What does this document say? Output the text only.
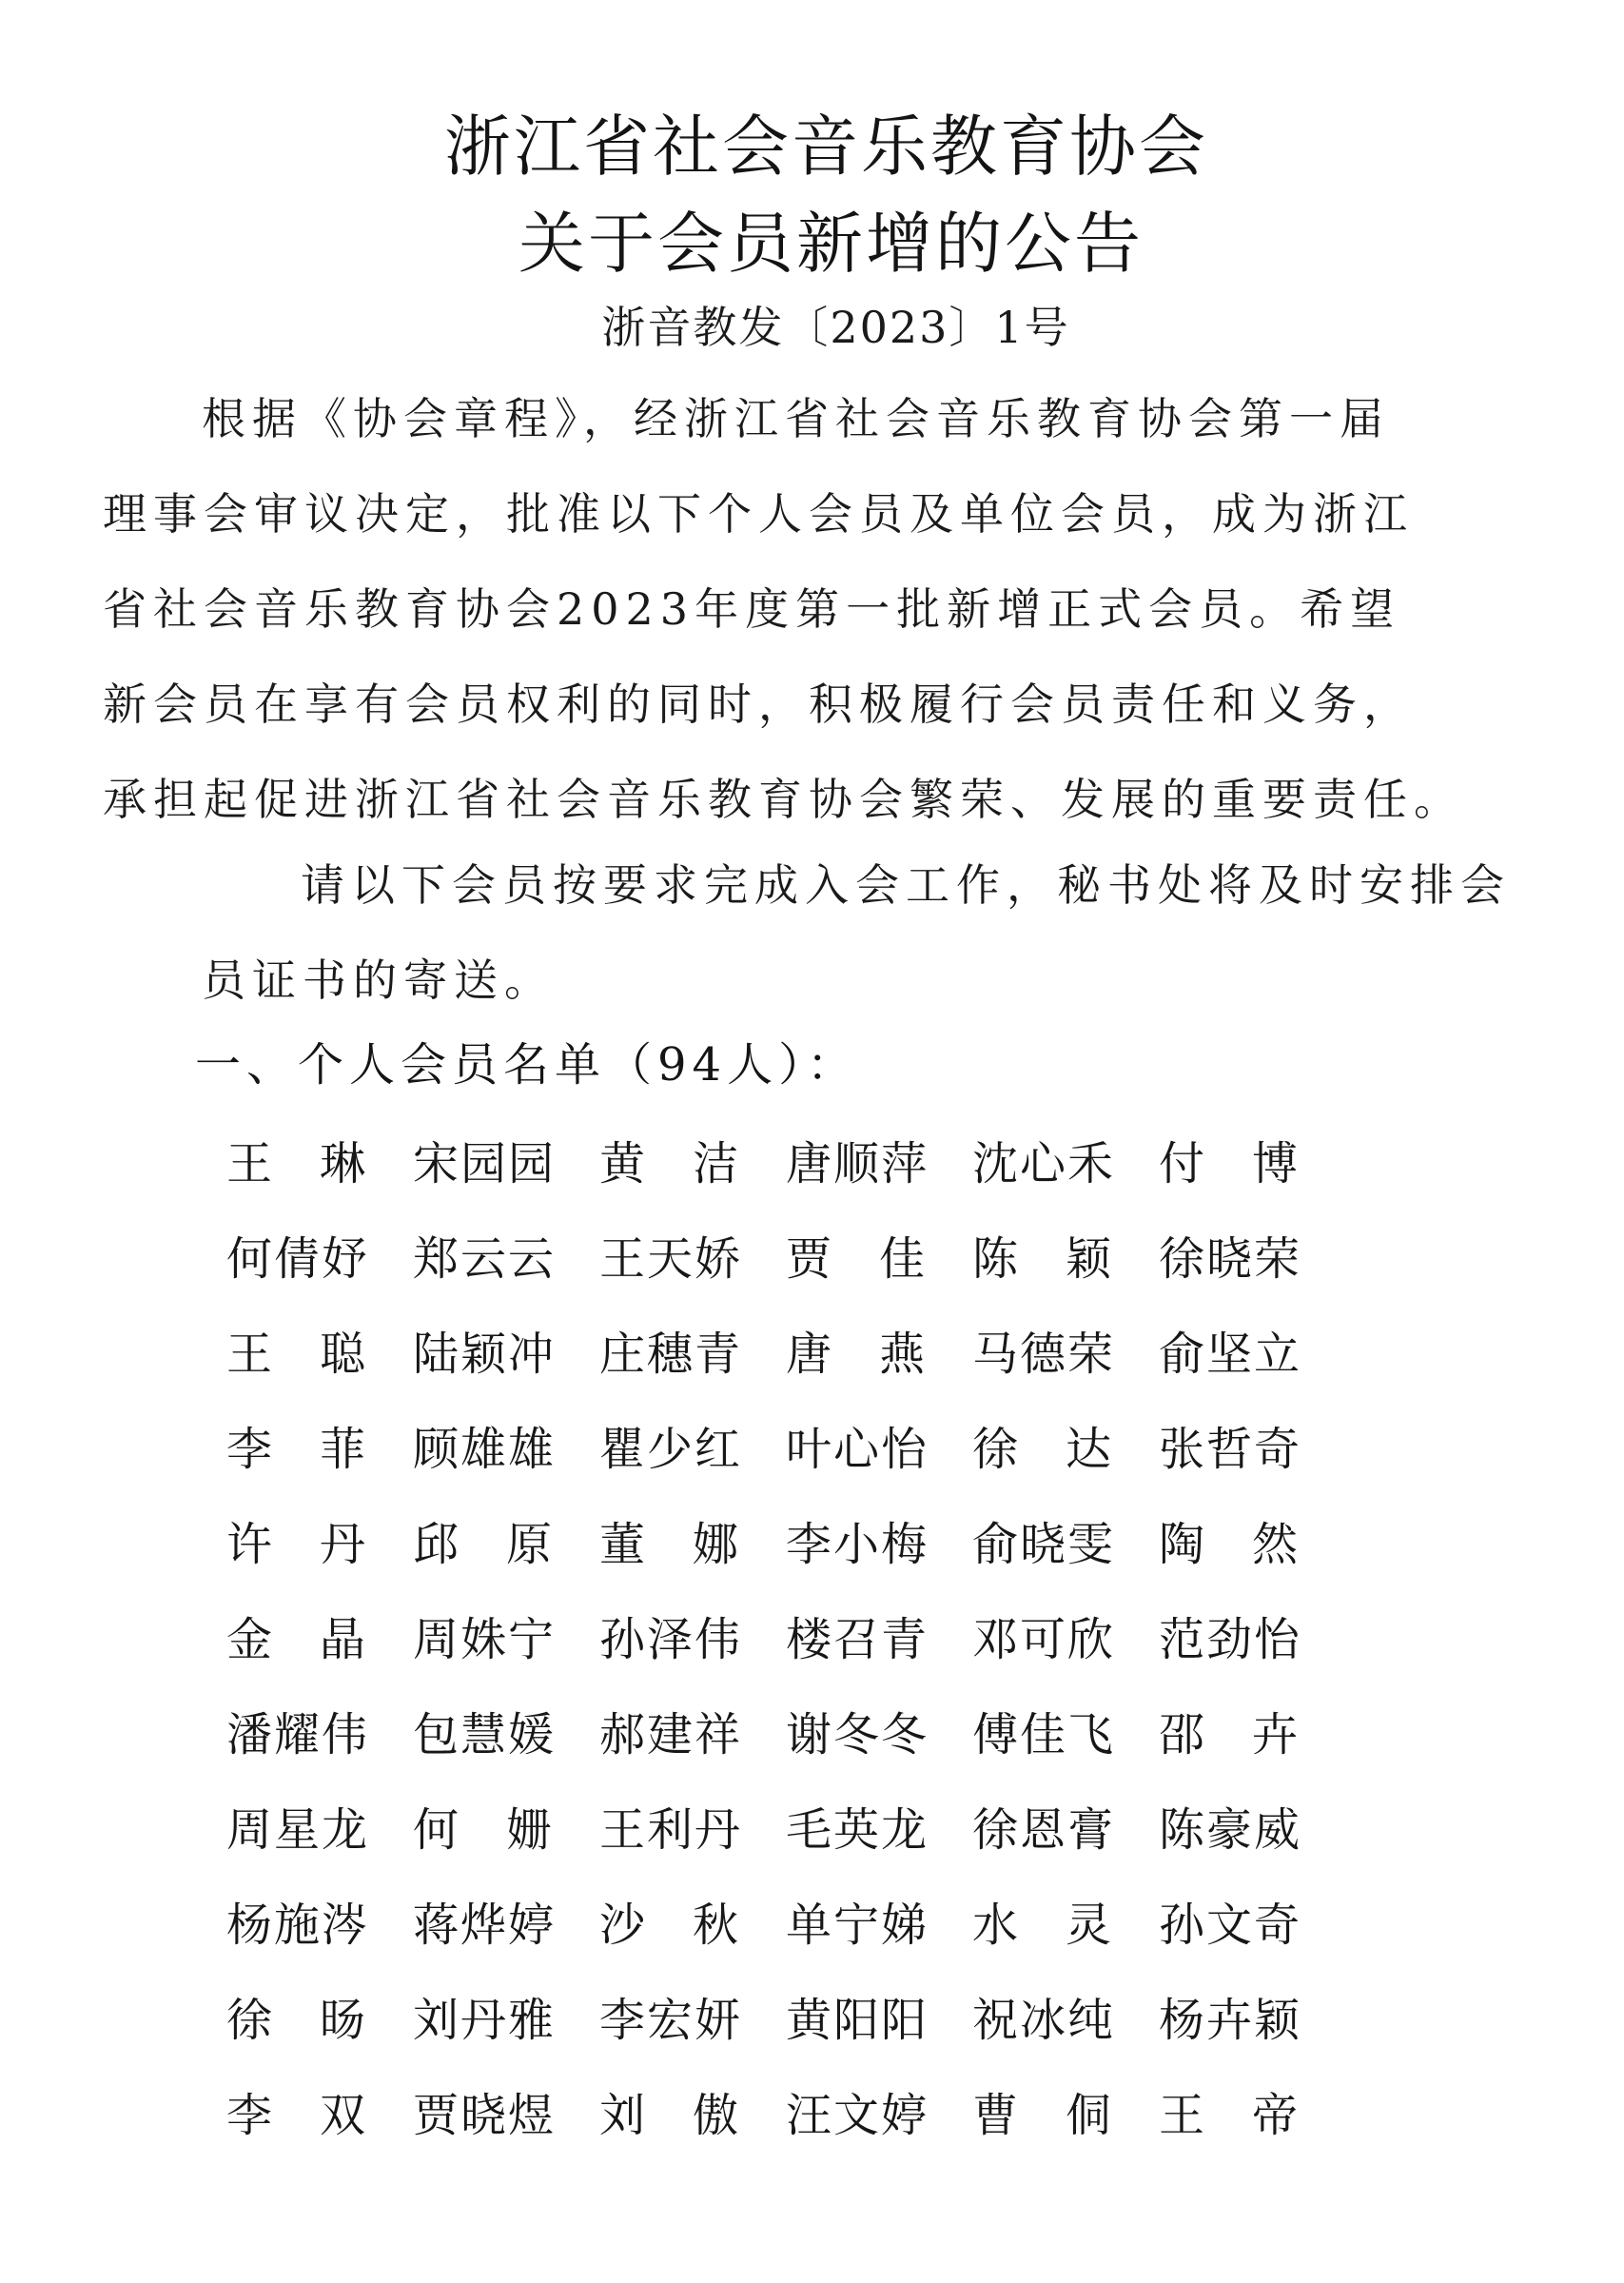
浙江省社会音乐教育协会
关于会员新增的公告
浙音教发〔2023〕1号
根据《协会章程》，经浙江省社会音乐教育协会第一届
理事会审议决定，批准以下个人会员及单位会员，成为浙江
省社会音乐教育协会2023年度第一批新增正式会员。希望
新会员在享有会员权利的同时，积极履行会员责任和义务，
承担起促进浙江省社会音乐教育协会繁荣、发展的重要责任。
请以下会员按要求完成入会工作，秘书处将及时安排会
员证书的寄送。
一、个人会员名单（94人）：
王琳 宋园园 黄洁 唐顺萍 沈心禾 付博
何倩妤 郑云云 王天娇 贾佳 陈颖 徐晓荣
王聪 陆颖冲 庄穗青 唐燕 马德荣 俞坚立
李菲 顾雄雄 瞿少红 叶心怡 徐达 张哲奇
许丹 邱原 董娜 李小梅 俞晓雯 陶然
金晶 周姝宁 孙泽伟 楼召青 邓可欣 范劲怡
潘耀伟 包慧媛 郝建祥 谢冬冬 傅佳飞 邵卉
周星龙 何姗 王利丹 毛英龙 徐恩膏 陈豪威
杨施涔 蒋烨婷 沙秋 单宁娣 水灵 孙文奇
徐旸 刘丹雅 李宏妍 黄阳阳 祝冰纯 杨卉颖
李双 贾晓煜 刘傲 汪文婷 曹侗 王帝
